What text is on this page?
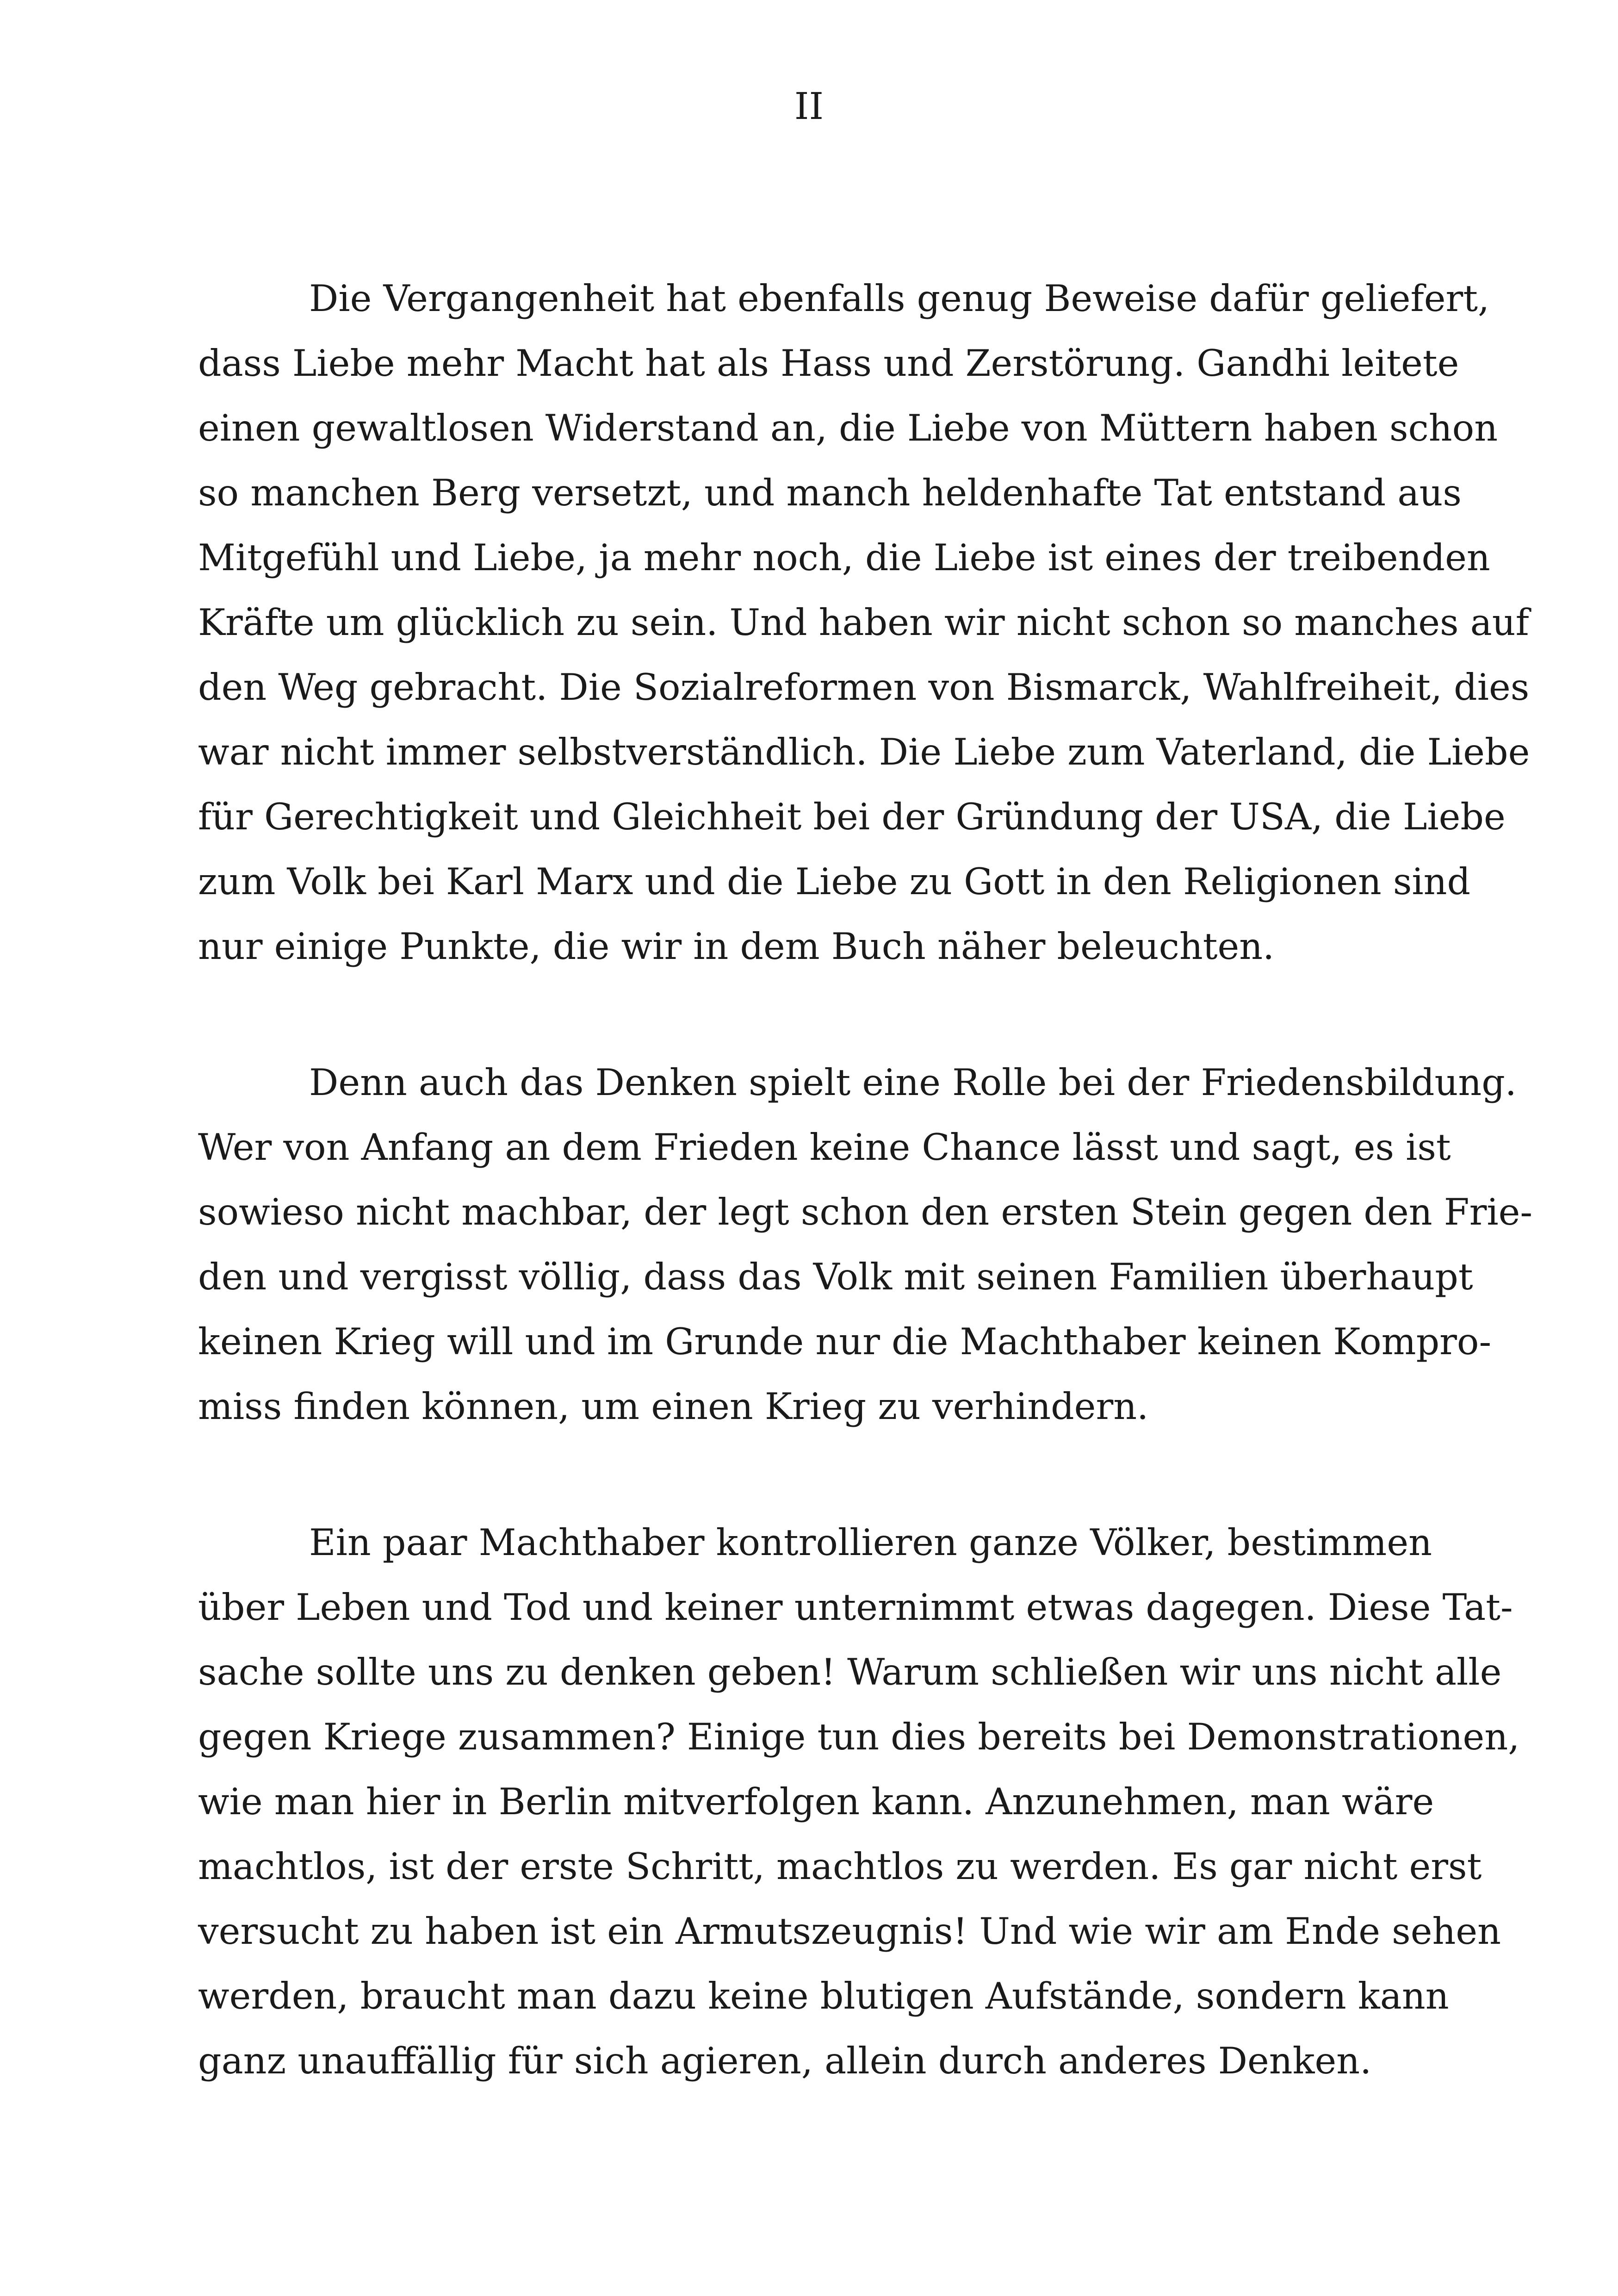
II
Die Vergangenheit hat ebenfalls genug Beweise dafür geliefert,
dass Liebe mehr Macht hat als Hass und Zerstörung. Gandhi leitete
einen gewaltlosen Widerstand an, die Liebe von Müttern haben schon
so manchen Berg versetzt, und manch heldenhafte Tat entstand aus
Mitgefühl und Liebe, ja mehr noch, die Liebe ist eines der treibenden
Kräfte um glücklich zu sein. Und haben wir nicht schon so manches auf
den Weg gebracht. Die Sozialreformen von Bismarck, Wahlfreiheit, dies
war nicht immer selbstverständlich. Die Liebe zum Vaterland, die Liebe
für Gerechtigkeit und Gleichheit bei der Gründung der USA, die Liebe
zum Volk bei Karl Marx und die Liebe zu Gott in den Religionen sind
nur einige Punkte, die wir in dem Buch näher beleuchten.
Denn auch das Denken spielt eine Rolle bei der Friedensbildung.
Wer von Anfang an dem Frieden keine Chance lässt und sagt, es ist
sowieso nicht machbar, der legt schon den ersten Stein gegen den Frie-
den und vergisst völlig, dass das Volk mit seinen Familien überhaupt
keinen Krieg will und im Grunde nur die Machthaber keinen Kompro-
miss finden können, um einen Krieg zu verhindern.
Ein paar Machthaber kontrollieren ganze Völker, bestimmen
über Leben und Tod und keiner unternimmt etwas dagegen. Diese Tat-
sache sollte uns zu denken geben! Warum schließen wir uns nicht alle
gegen Kriege zusammen? Einige tun dies bereits bei Demonstrationen,
wie man hier in Berlin mitverfolgen kann. Anzunehmen, man wäre
machtlos, ist der erste Schritt, machtlos zu werden. Es gar nicht erst
versucht zu haben ist ein Armutszeugnis! Und wie wir am Ende sehen
werden, braucht man dazu keine blutigen Aufstände, sondern kann
ganz unauffällig für sich agieren, allein durch anderes Denken.
